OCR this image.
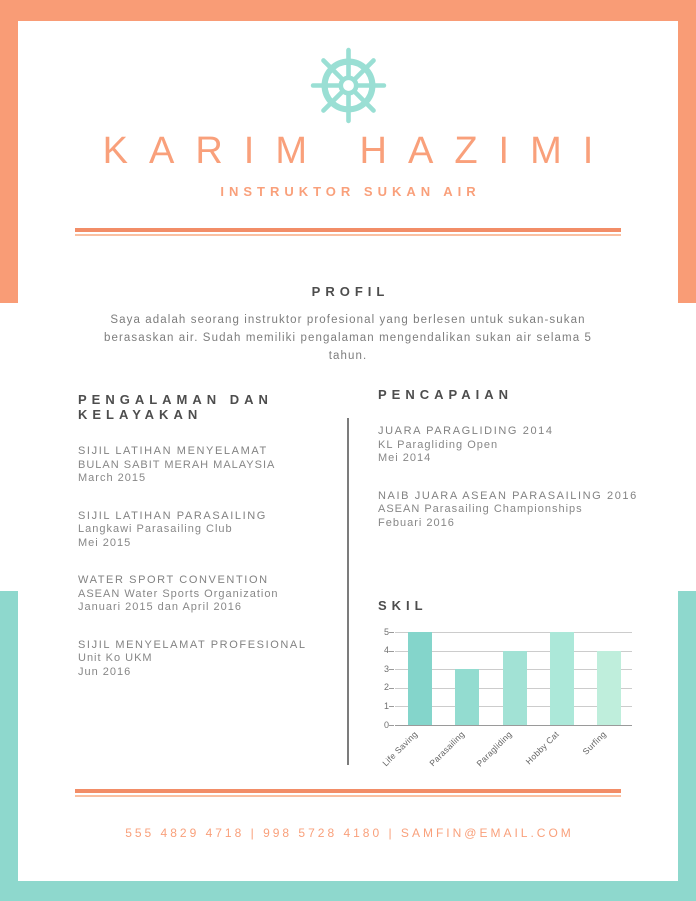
KARIM HAZIMI
INSTRUKTOR SUKAN AIR
PROFIL
Saya adalah seorang instruktor profesional yang berlesen untuk sukan-sukan berasaskan air. Sudah memiliki pengalaman mengendalikan sukan air selama 5 tahun.
PENGALAMAN DAN KELAYAKAN
SIJIL LATIHAN MENYELAMAT
BULAN SABIT MERAH MALAYSIA
March 2015
SIJIL LATIHAN PARASAILING
Langkawi Parasailing Club
Mei 2015
WATER SPORT CONVENTION
ASEAN Water Sports Organization
Januari 2015 dan April 2016
SIJIL MENYELAMAT PROFESIONAL
Unit Ko UKM
Jun 2016
PENCAPAIAN
JUARA PARAGLIDING 2014
KL Paragliding Open
Mei 2014
NAIB JUARA ASEAN PARASAILING 2016
ASEAN Parasailing Championships
Febuari 2016
SKIL
5
4
3
2
1
0
Life Saving Parasailing Paragliding Hobby Cat Surfing
555 4829 4718 | 998 5728 4180 | SAMFIN@EMAIL.COM
